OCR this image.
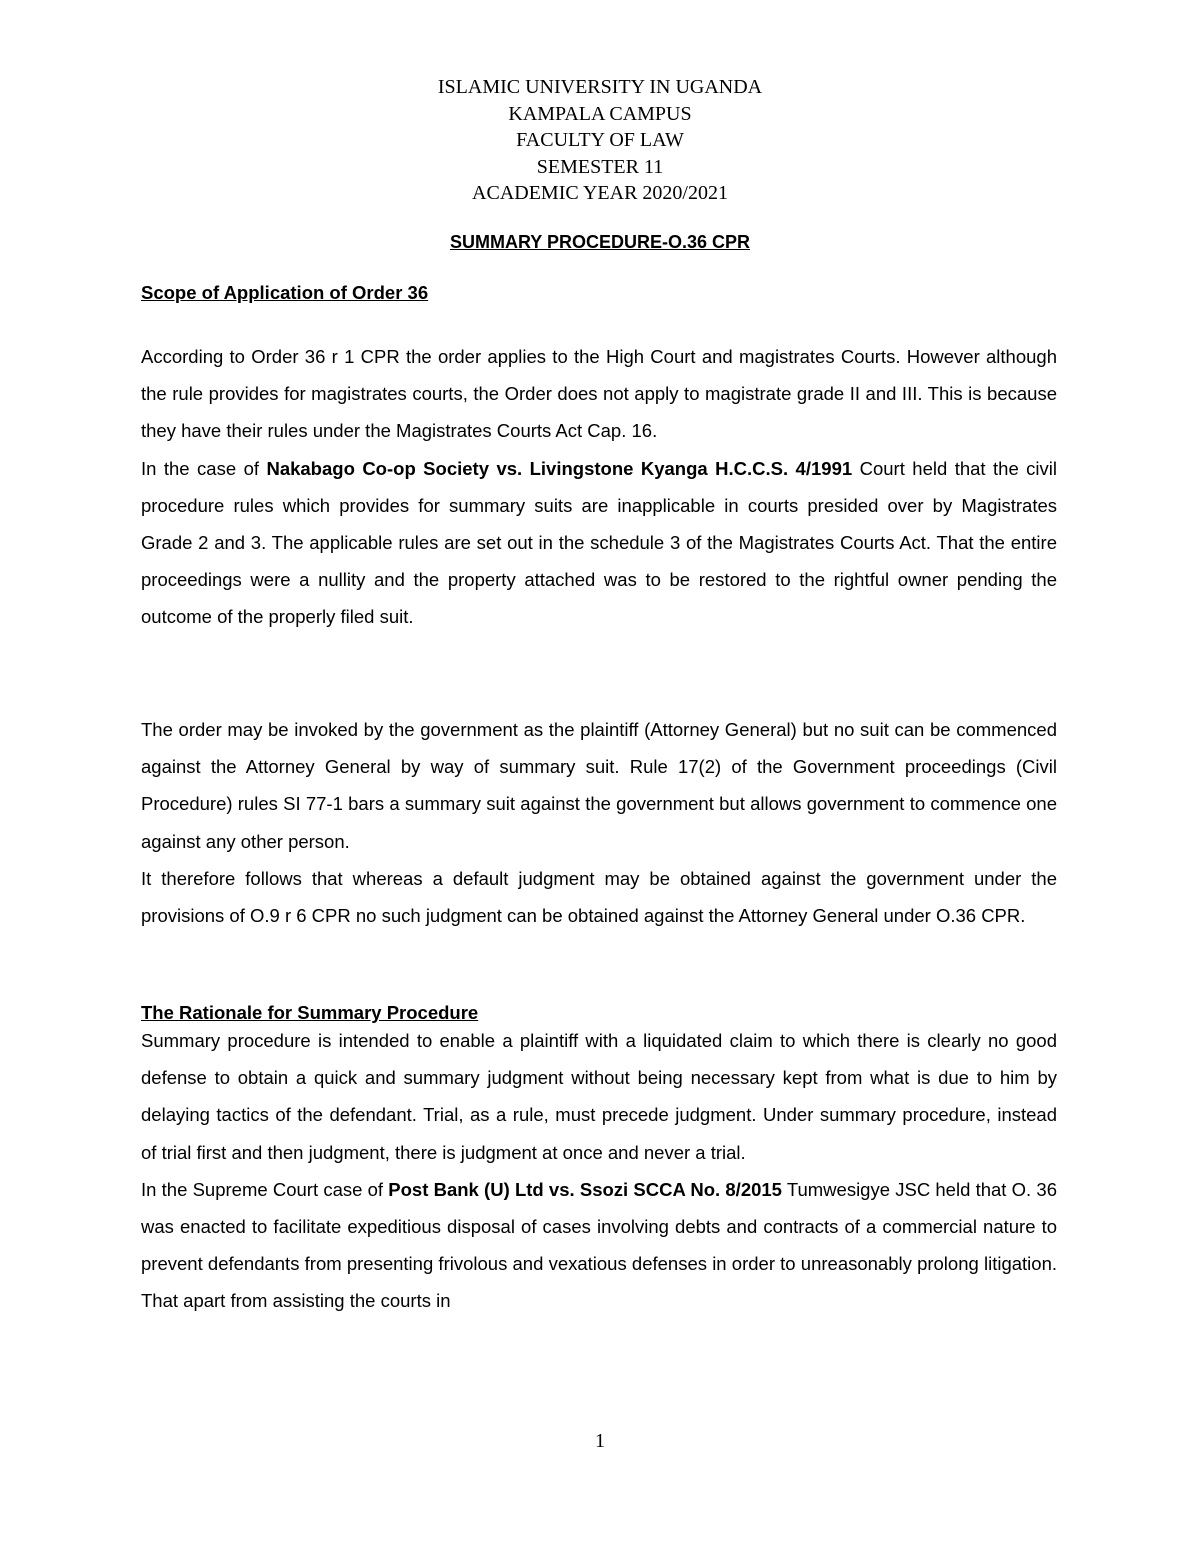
ISLAMIC UNIVERSITY IN UGANDA
KAMPALA CAMPUS
FACULTY OF LAW
SEMESTER 11
ACADEMIC YEAR 2020/2021
SUMMARY PROCEDURE-O.36 CPR
Scope of Application of Order 36

According to Order 36 r 1 CPR the order applies to the High Court and magistrates Courts. However although the rule provides for magistrates courts, the Order does not apply to magistrate grade II and III. This is because they have their rules under the Magistrates Courts Act Cap. 16.

In the case of Nakabago Co-op Society vs. Livingstone Kyanga H.C.C.S. 4/1991 Court held that the civil procedure rules which provides for summary suits are inapplicable in courts presided over by Magistrates Grade 2 and 3. The applicable rules are set out in the schedule 3 of the Magistrates Courts Act. That the entire proceedings were a nullity and the property attached was to be restored to the rightful owner pending the outcome of the properly filed suit.

The order may be invoked by the government as the plaintiff (Attorney General) but no suit can be commenced against the Attorney General by way of summary suit. Rule 17(2) of the Government proceedings (Civil Procedure) rules SI 77-1 bars a summary suit against the government but allows government to commence one against any other person.

It therefore follows that whereas a default judgment may be obtained against the government under the provisions of O.9 r 6 CPR no such judgment can be obtained against the Attorney General under O.36 CPR.

The Rationale for Summary Procedure

Summary procedure is intended to enable a plaintiff with a liquidated claim to which there is clearly no good defense to obtain a quick and summary judgment without being necessary kept from what is due to him by delaying tactics of the defendant. Trial, as a rule, must precede judgment. Under summary procedure, instead of trial first and then judgment, there is judgment at once and never a trial.

In the Supreme Court case of Post Bank (U) Ltd vs. Ssozi SCCA No. 8/2015 Tumwesigye JSC held that O. 36 was enacted to facilitate expeditious disposal of cases involving debts and contracts of a commercial nature to prevent defendants from presenting frivolous and vexatious defenses in order to unreasonably prolong litigation. That apart from assisting the courts in

1
